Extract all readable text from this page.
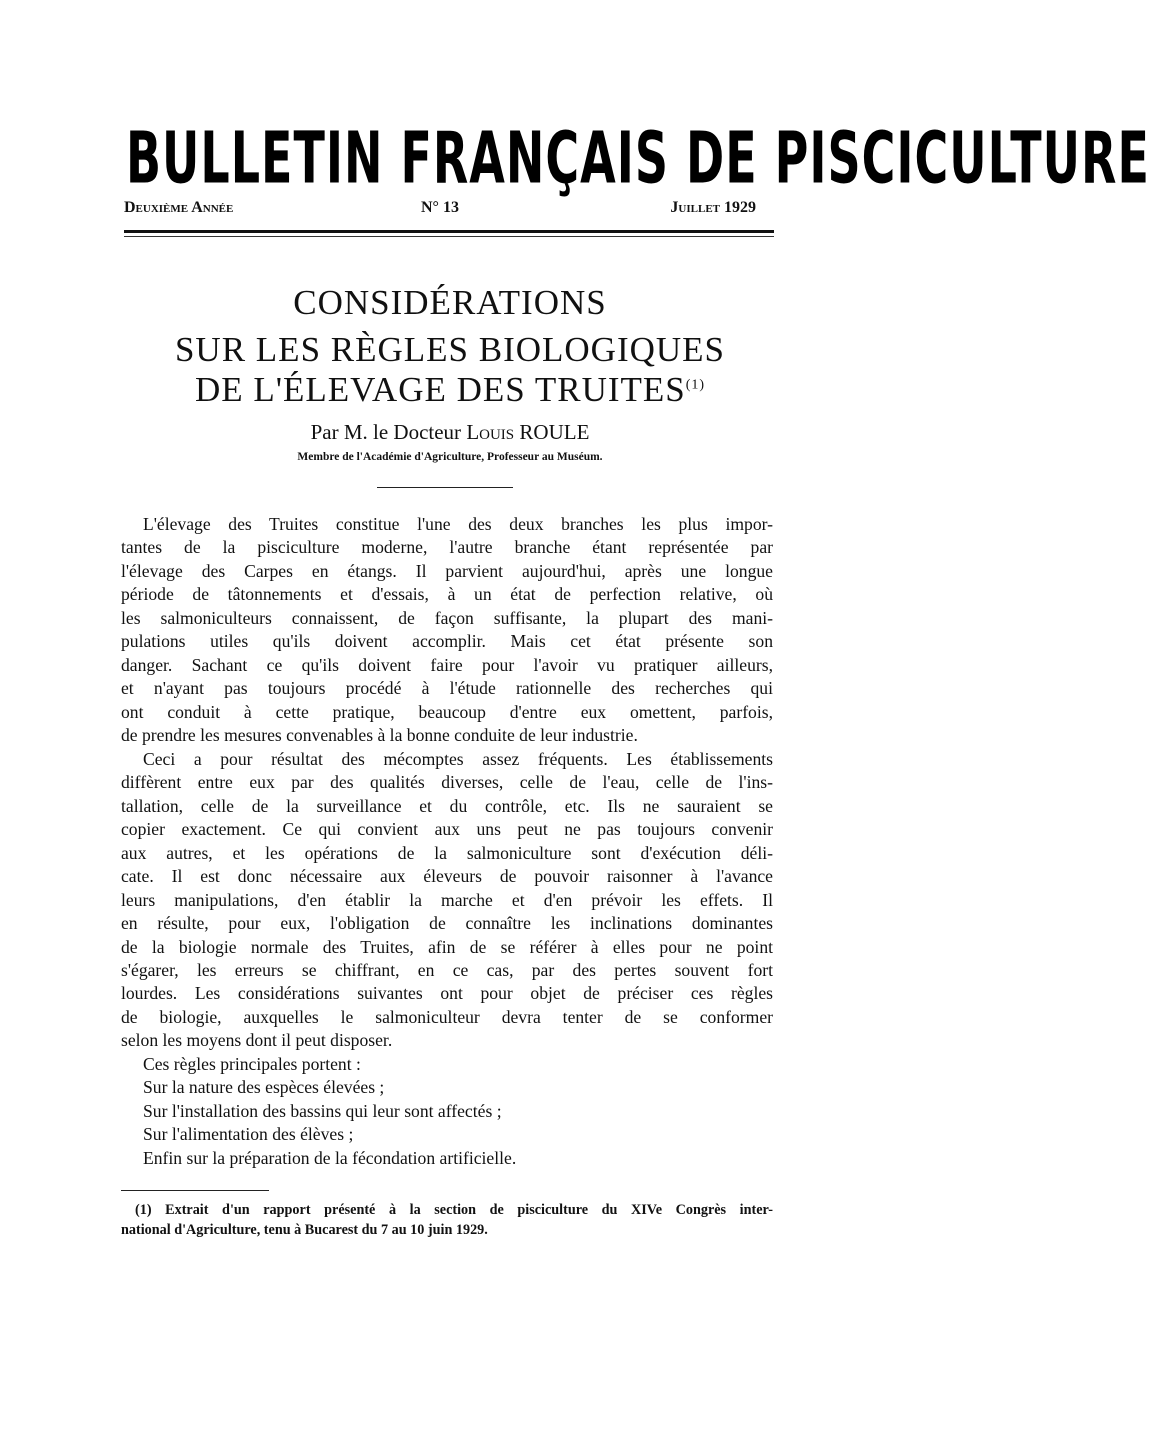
BULLETIN FRANÇAIS DE PISCICULTURE
Deuxième Année	N° 13	Juillet 1929
CONSIDÉRATIONS
SUR LES RÈGLES BIOLOGIQUES
DE L'ÉLEVAGE DES TRUITES$^{(1)}$
Par M. le Docteur Louis ROULE
Membre de l'Académie d'Agriculture, Professeur au Muséum.
L'élevage des Truites constitue l'une des deux branches les plus impor-
tantes de la pisciculture moderne, l'autre branche étant représentée par
l'élevage des Carpes en étangs. Il parvient aujourd'hui, après une longue
période de tâtonnements et d'essais, à un état de perfection relative, où
les salmoniculteurs connaissent, de façon suffisante, la plupart des mani-
pulations utiles qu'ils doivent accomplir. Mais cet état présente son
danger. Sachant ce qu'ils doivent faire pour l'avoir vu pratiquer ailleurs,
et n'ayant pas toujours procédé à l'étude rationnelle des recherches qui
ont conduit à cette pratique, beaucoup d'entre eux omettent, parfois,
de prendre les mesures convenables à la bonne conduite de leur industrie.
Ceci a pour résultat des mécomptes assez fréquents. Les établissements
diffèrent entre eux par des qualités diverses, celle de l'eau, celle de l'ins-
tallation, celle de la surveillance et du contrôle, etc. Ils ne sauraient se
copier exactement. Ce qui convient aux uns peut ne pas toujours convenir
aux autres, et les opérations de la salmoniculture sont d'exécution déli-
cate. Il est donc nécessaire aux éleveurs de pouvoir raisonner à l'avance
leurs manipulations, d'en établir la marche et d'en prévoir les effets. Il
en résulte, pour eux, l'obligation de connaître les inclinations dominantes
de la biologie normale des Truites, afin de se référer à elles pour ne point
s'égarer, les erreurs se chiffrant, en ce cas, par des pertes souvent fort
lourdes. Les considérations suivantes ont pour objet de préciser ces règles
de biologie, auxquelles le salmoniculteur devra tenter de se conformer
selon les moyens dont il peut disposer.
Ces règles principales portent :
Sur la nature des espèces élevées ;
Sur l'installation des bassins qui leur sont affectés ;
Sur l'alimentation des élèves ;
Enfin sur la préparation de la fécondation artificielle.
(1) Extrait d'un rapport présenté à la section de pisciculture du XIVe Congrès inter-
national d'Agriculture, tenu à Bucarest du 7 au 10 juin 1929.
